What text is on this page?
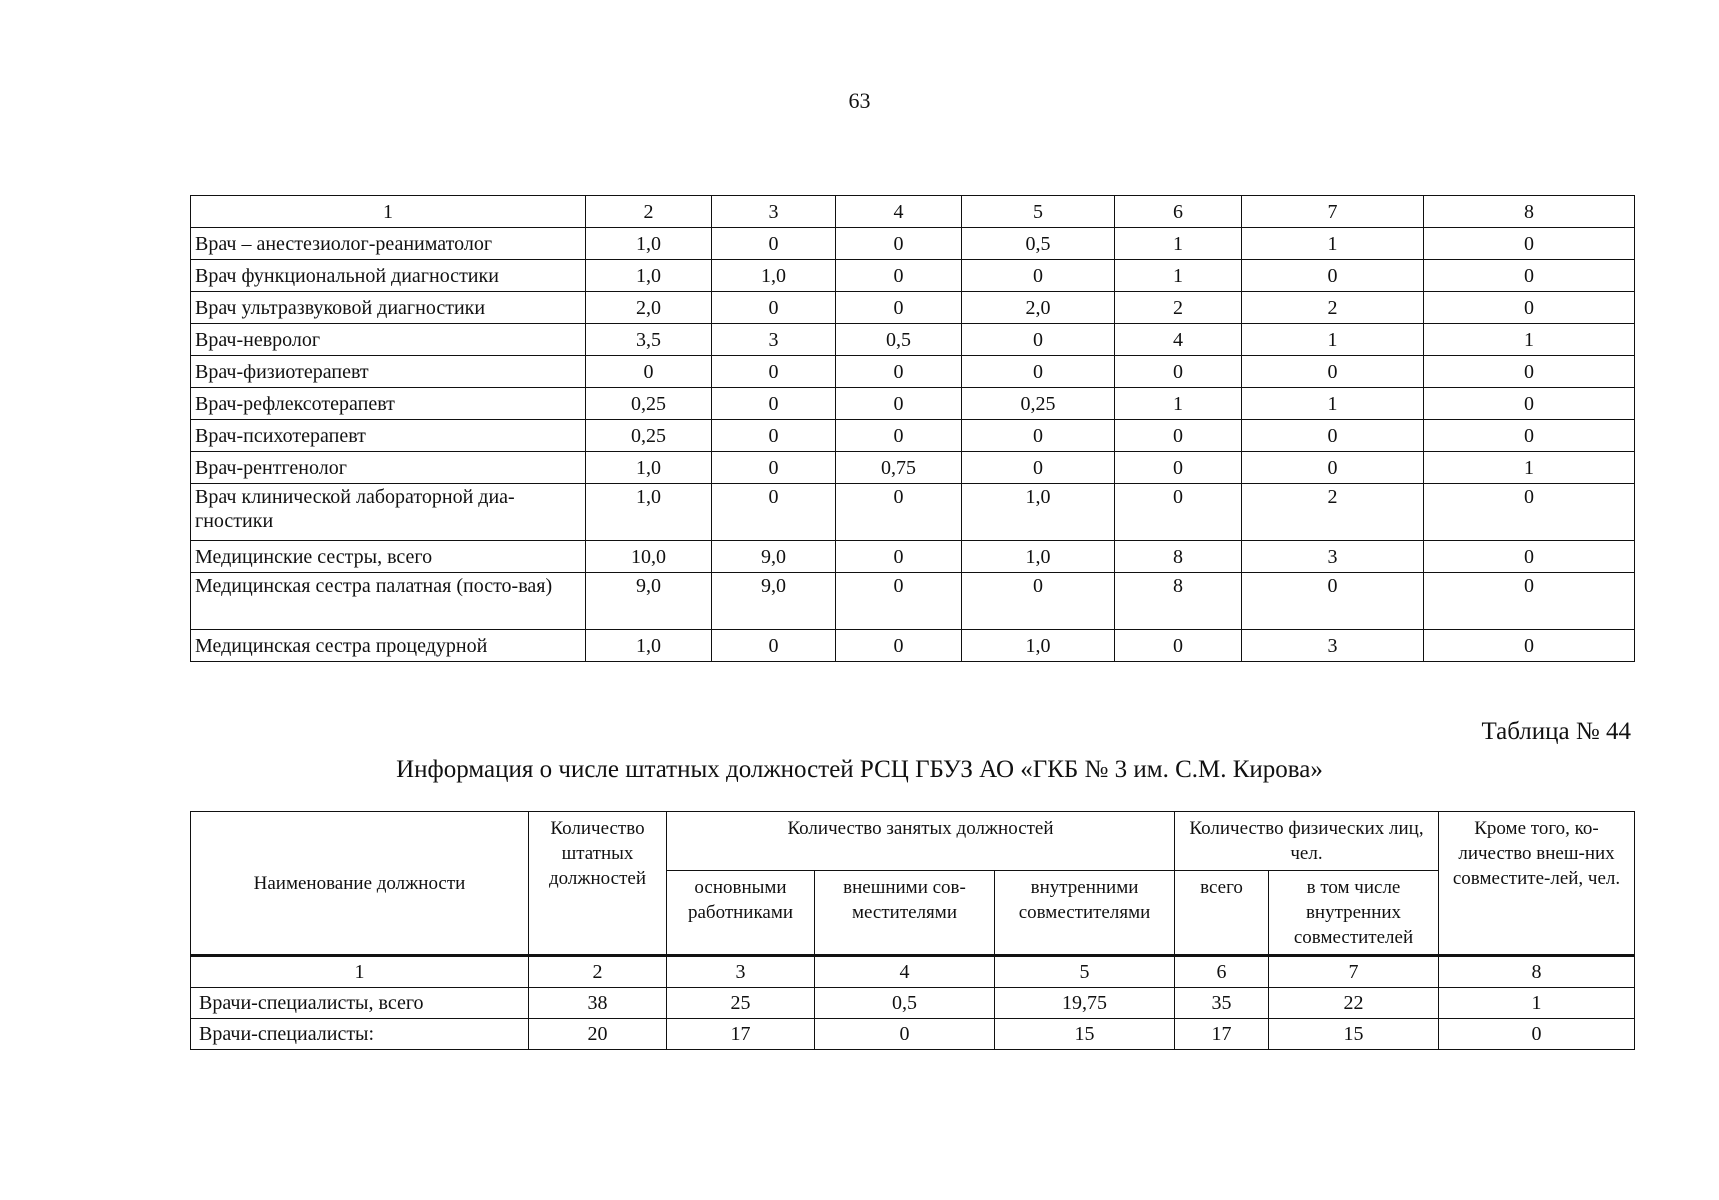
63
1	2	3	4	5	6	7	8
Врач – анестезиолог-реаниматолог	1,0	0	0	0,5	1	1	0
Врач функциональной диагностики	1,0	1,0	0	0	1	0	0
Врач ультразвуковой диагностики	2,0	0	0	2,0	2	2	0
Врач-невролог	3,5	3	0,5	0	4	1	1
Врач-физиотерапевт	0	0	0	0	0	0	0
Врач-рефлексотерапевт	0,25	0	0	0,25	1	1	0
Врач-психотерапевт	0,25	0	0	0	0	0	0
Врач-рентгенолог	1,0	0	0,75	0	0	0	1
Врач клинической лабораторной диа-гностики	1,0	0	0	1,0	0	2	0
Медицинские сестры, всего	10,0	9,0	0	1,0	8	3	0
Медицинская сестра палатная (посто-вая)	9,0	9,0	0	0	8	0	0
Медицинская сестра процедурной	1,0	0	0	1,0	0	3	0
Таблица № 44
Информация о числе штатных должностей РСЦ ГБУЗ АО «ГКБ № 3 им. С.М. Кирова»
Наименование должности	Количество штатных должностей	Количество занятых должностей			Количество физических лиц, чел.		Кроме того, ко-личество внеш-них совместите-лей, чел.
		основными работниками	внешними сов-местителями	внутренними совместителями	всего	в том числе внутренних совместителей	
1	2	3	4	5	6	7	8
Врачи-специалисты, всего	38	25	0,5	19,75	35	22	1
Врачи-специалисты:	20	17	0	15	17	15	0
